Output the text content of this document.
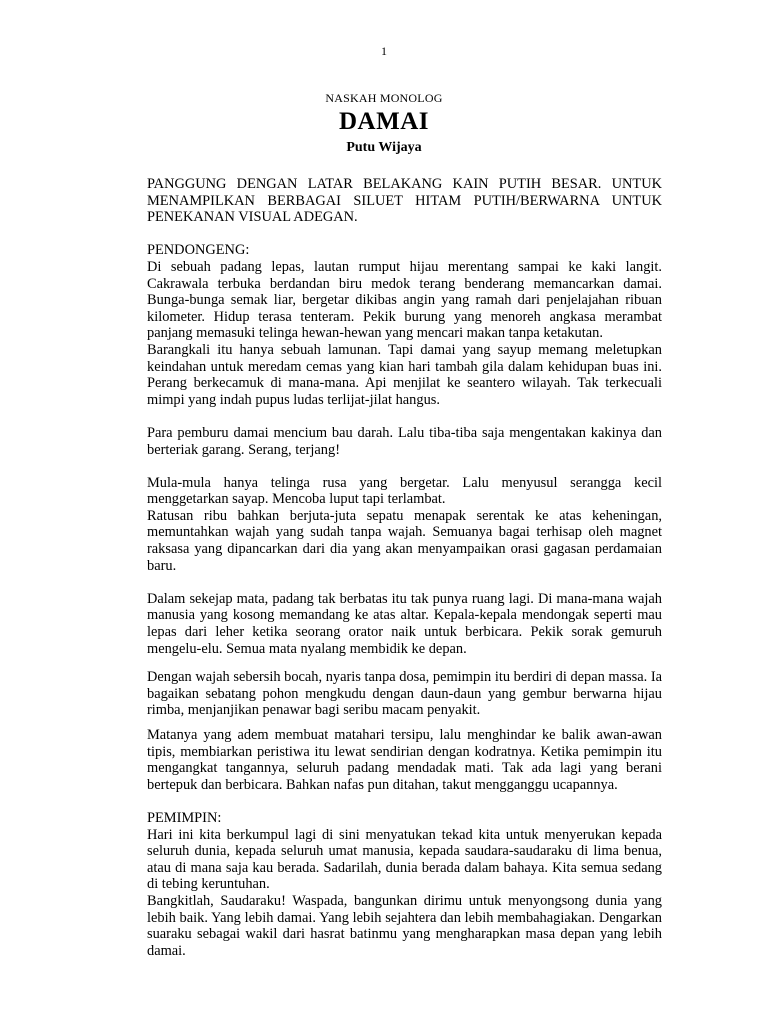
1
NASKAH MONOLOG
DAMAI
Putu Wijaya

PANGGUNG DENGAN LATAR BELAKANG KAIN PUTIH BESAR. UNTUK MENAMPILKAN BERBAGAI SILUET HITAM PUTIH/BERWARNA UNTUK PENEKANAN VISUAL ADEGAN.

PENDONGENG:

Di sebuah padang lepas, lautan rumput hijau merentang sampai ke kaki langit. Cakrawala terbuka berdandan biru medok terang benderang memancarkan damai. Bunga-bunga semak liar, bergetar dikibas angin yang ramah dari penjelajahan ribuan kilometer. Hidup terasa tenteram. Pekik burung yang menoreh angkasa merambat panjang memasuki telinga hewan-hewan yang mencari makan tanpa ketakutan.

Barangkali itu hanya sebuah lamunan. Tapi damai yang sayup memang meletupkan keindahan untuk meredam cemas yang kian hari tambah gila dalam kehidupan buas ini. Perang berkecamuk di mana-mana. Api menjilat ke seantero wilayah. Tak terkecuali mimpi yang indah pupus ludas terlijat-jilat hangus.

Para pemburu damai mencium bau darah. Lalu tiba-tiba saja mengentakan kakinya dan berteriak garang. Serang, terjang!

Mula-mula hanya telinga rusa yang bergetar. Lalu menyusul serangga kecil menggetarkan sayap. Mencoba luput tapi terlambat.

Ratusan ribu bahkan berjuta-juta sepatu menapak serentak ke atas keheningan, memuntahkan wajah yang sudah tanpa wajah. Semuanya bagai terhisap oleh magnet raksasa yang dipancarkan dari dia yang akan menyampaikan orasi gagasan perdamaian baru.

Dalam sekejap mata, padang tak berbatas itu tak punya ruang lagi. Di mana-mana wajah manusia yang kosong memandang ke atas altar. Kepala-kepala mendongak seperti mau lepas dari leher ketika seorang orator naik untuk berbicara. Pekik sorak gemuruh mengelu-elu. Semua mata nyalang membidik ke depan.

Dengan wajah sebersih bocah, nyaris tanpa dosa, pemimpin itu berdiri di depan massa. Ia bagaikan sebatang pohon mengkudu dengan daun-daun yang gembur berwarna hijau rimba, menjanjikan penawar bagi seribu macam penyakit.

Matanya yang adem membuat matahari tersipu, lalu menghindar ke balik awan-awan tipis, membiarkan peristiwa itu lewat sendirian dengan kodratnya. Ketika pemimpin itu mengangkat tangannya, seluruh padang mendadak mati. Tak ada lagi yang berani bertepuk dan berbicara. Bahkan nafas pun ditahan, takut mengganggu ucapannya.

PEMIMPIN:

Hari ini kita berkumpul lagi di sini menyatukan tekad kita untuk menyerukan kepada seluruh dunia, kepada seluruh umat manusia, kepada saudara-saudaraku di lima benua, atau di mana saja kau berada. Sadarilah, dunia berada dalam bahaya. Kita semua sedang di tebing keruntuhan.

Bangkitlah, Saudaraku! Waspada, bangunkan dirimu untuk menyongsong dunia yang lebih baik. Yang lebih damai. Yang lebih sejahtera dan lebih membahagiakan. Dengarkan suaraku sebagai wakil dari hasrat batinmu yang mengharapkan masa depan yang lebih damai.
